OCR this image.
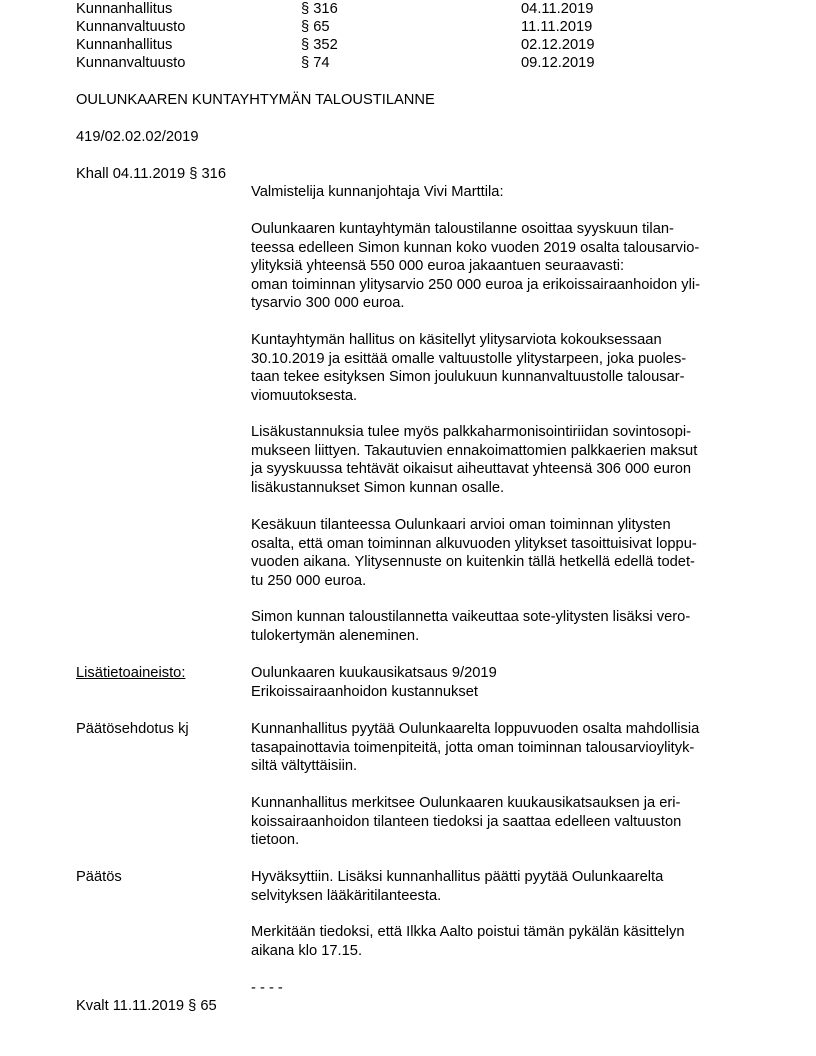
Kunnanhallitus	§ 316	04.11.2019
Kunnanvaltuusto	§ 65	11.11.2019
Kunnanhallitus	§ 352	02.12.2019
Kunnanvaltuusto	§ 74	09.12.2019
OULUNKAAREN KUNTAYHTYMÄN TALOUSTILANNE
419/02.02.02/2019
Khall 04.11.2019 § 316
Valmistelija kunnanjohtaja Vivi Marttila:
Oulunkaaren kuntayhtymän taloustilanne osoittaa syyskuun tilan-
teessa edelleen Simon kunnan koko vuoden 2019 osalta talousarvio-
ylityksiä yhteensä 550 000 euroa jakaantuen seuraavasti:
oman toiminnan ylitysarvio 250 000 euroa ja erikoissairaanhoidon yli-
tysarvio 300 000 euroa.
Kuntayhtymän hallitus on käsitellyt ylitysarviota kokouksessaan
30.10.2019 ja esittää omalle valtuustolle ylitystarpeen, joka puoles-
taan tekee esityksen Simon joulukuun kunnanvaltuustolle talousar-
viomuutoksesta.
Lisäkustannuksia tulee myös palkkaharmonisointiriidan sovintosopi-
mukseen liittyen. Takautuvien ennakoimattomien palkkaerien maksut
ja syyskuussa tehtävät oikaisut aiheuttavat yhteensä 306 000 euron
lisäkustannukset Simon kunnan osalle.
Kesäkuun tilanteessa Oulunkaari arvioi oman toiminnan ylitysten
osalta, että oman toiminnan alkuvuoden ylitykset tasoittuisivat loppu-
vuoden aikana. Ylitysennuste on kuitenkin tällä hetkellä edellä todet-
tu 250 000 euroa.
Simon kunnan taloustilannetta vaikeuttaa sote-ylitysten lisäksi vero-
tulokertymän aleneminen.
Lisätietoaineisto:	Oulunkaaren kuukausikatsaus 9/2019
Erikoissairaanhoidon kustannukset
Päätösehdotus kj	Kunnanhallitus pyytää Oulunkaarelta loppuvuoden osalta mahdollisia
tasapainottavia toimenpiteitä, jotta oman toiminnan talousarvioylityk-
siltä vältyttäisiin.
Kunnanhallitus merkitsee Oulunkaaren kuukausikatsauksen ja eri-
koissairaanhoidon tilanteen tiedoksi ja saattaa edelleen valtuuston
tietoon.
Päätös	Hyväksyttiin. Lisäksi kunnanhallitus päätti pyytää Oulunkaarelta
selvityksen lääkäritilanteesta.
Merkitään tiedoksi, että Ilkka Aalto poistui tämän pykälän käsittelyn
aikana klo 17.15.
- - - -
Kvalt 11.11.2019 § 65
